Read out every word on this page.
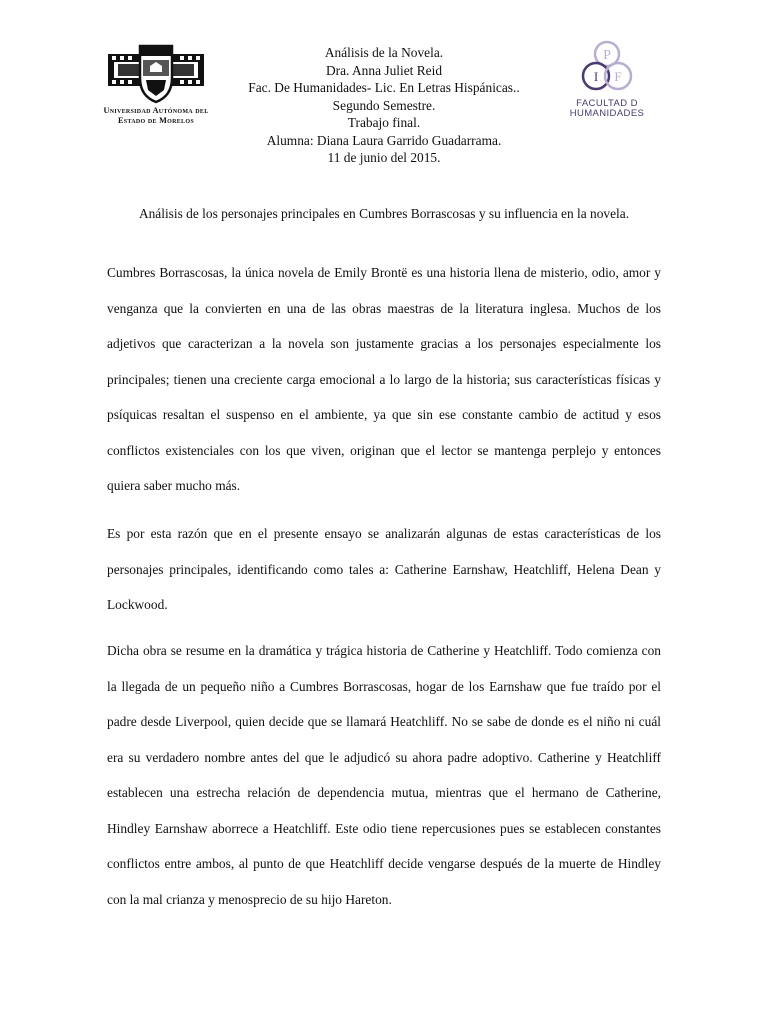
Universidad Autónoma del
Estado de Morelos
Análisis de la Novela.
Dra. Anna Juliet Reid
Fac. De Humanidades- Lic. En Letras Hispánicas..
Segundo Semestre.
Trabajo final.
Alumna: Diana Laura Garrido Guadarrama.
11 de junio del 2015.
P
I F
FACULTAD D
HUMANIDADES
Análisis de los personajes principales en Cumbres Borrascosas y su influencia en la novela.

Cumbres Borrascosas, la única novela de Emily Brontë es una historia llena de misterio, odio, amor y venganza que la convierten en una de las obras maestras de la literatura inglesa. Muchos de los adjetivos que caracterizan a la novela son justamente gracias a los personajes especialmente los principales; tienen una creciente carga emocional a lo largo de la historia; sus características físicas y psíquicas resaltan el suspenso en el ambiente, ya que sin ese constante cambio de actitud y esos conflictos existenciales con los que viven, originan que el lector se mantenga perplejo y entonces quiera saber mucho más.

Es por esta razón que en el presente ensayo se analizarán algunas de estas características de los personajes principales, identificando como tales a: Catherine Earnshaw, Heatchliff, Helena Dean y Lockwood.

Dicha obra se resume en la dramática y trágica historia de Catherine y Heatchliff. Todo comienza con la llegada de un pequeño niño a Cumbres Borrascosas, hogar de los Earnshaw que fue traído por el padre desde Liverpool, quien decide que se llamará Heatchliff. No se sabe de donde es el niño ni cuál era su verdadero nombre antes del que le adjudicó su ahora padre adoptivo. Catherine y Heatchliff establecen una estrecha relación de dependencia mutua, mientras que el hermano de Catherine, Hindley Earnshaw aborrece a Heatchliff. Este odio tiene repercusiones pues se establecen constantes conflictos entre ambos, al punto de que Heatchliff decide vengarse después de la muerte de Hindley con la mal crianza y menosprecio de su hijo Hareton.
